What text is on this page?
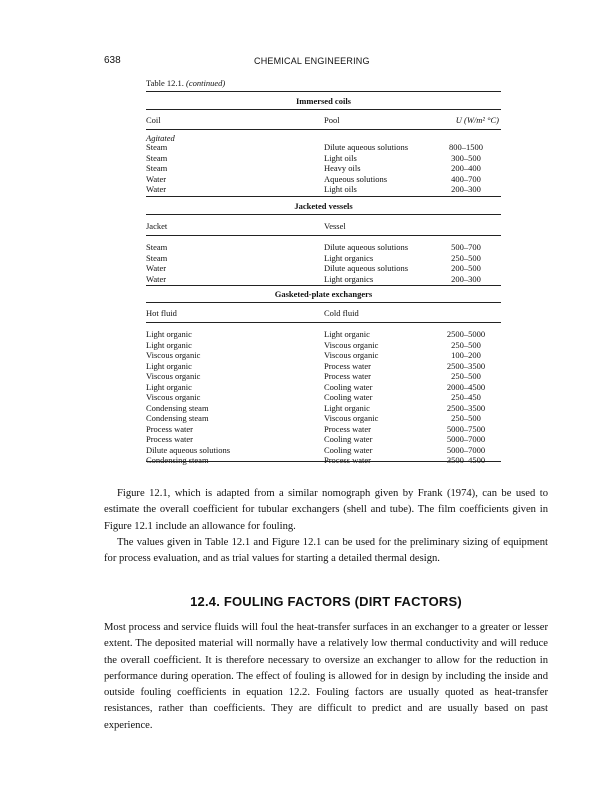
638	CHEMICAL ENGINEERING
Table 12.1. (continued)
Immersed coils
Coil	Pool	U (W/m² °C)
Agitated
Steam	Dilute aqueous solutions	800–1500
Steam	Light oils	300–500
Steam	Heavy oils	200–400
Water	Aqueous solutions	400–700
Water	Light oils	200–300
Jacketed vessels
Jacket	Vessel
Steam	Dilute aqueous solutions	500–700
Steam	Light organics	250–500
Water	Dilute aqueous solutions	200–500
Water	Light organics	200–300
Gasketed-plate exchangers
Hot fluid	Cold fluid
Light organic	Light organic	2500–5000
Light organic	Viscous organic	250–500
Viscous organic	Viscous organic	100–200
Light organic	Process water	2500–3500
Viscous organic	Process water	250–500
Light organic	Cooling water	2000–4500
Viscous organic	Cooling water	250–450
Condensing steam	Light organic	2500–3500
Condensing steam	Viscous organic	250–500
Process water	Process water	5000–7500
Process water	Cooling water	5000–7000
Dilute aqueous solutions	Cooling water	5000–7000
Condensing steam	Process water	3500–4500

Figure 12.1, which is adapted from a similar nomograph given by Frank (1974), can be used to estimate the overall coefficient for tubular exchangers (shell and tube). The film coefficients given in Figure 12.1 include an allowance for fouling.

The values given in Table 12.1 and Figure 12.1 can be used for the preliminary sizing of equipment for process evaluation, and as trial values for starting a detailed thermal design.

12.4. FOULING FACTORS (DIRT FACTORS)

Most process and service fluids will foul the heat-transfer surfaces in an exchanger to a greater or lesser extent. The deposited material will normally have a relatively low thermal conductivity and will reduce the overall coefficient. It is therefore necessary to oversize an exchanger to allow for the reduction in performance during operation. The effect of fouling is allowed for in design by including the inside and outside fouling coefficients in equation 12.2. Fouling factors are usually quoted as heat-transfer resistances, rather than coefficients. They are difficult to predict and are usually based on past experience.
